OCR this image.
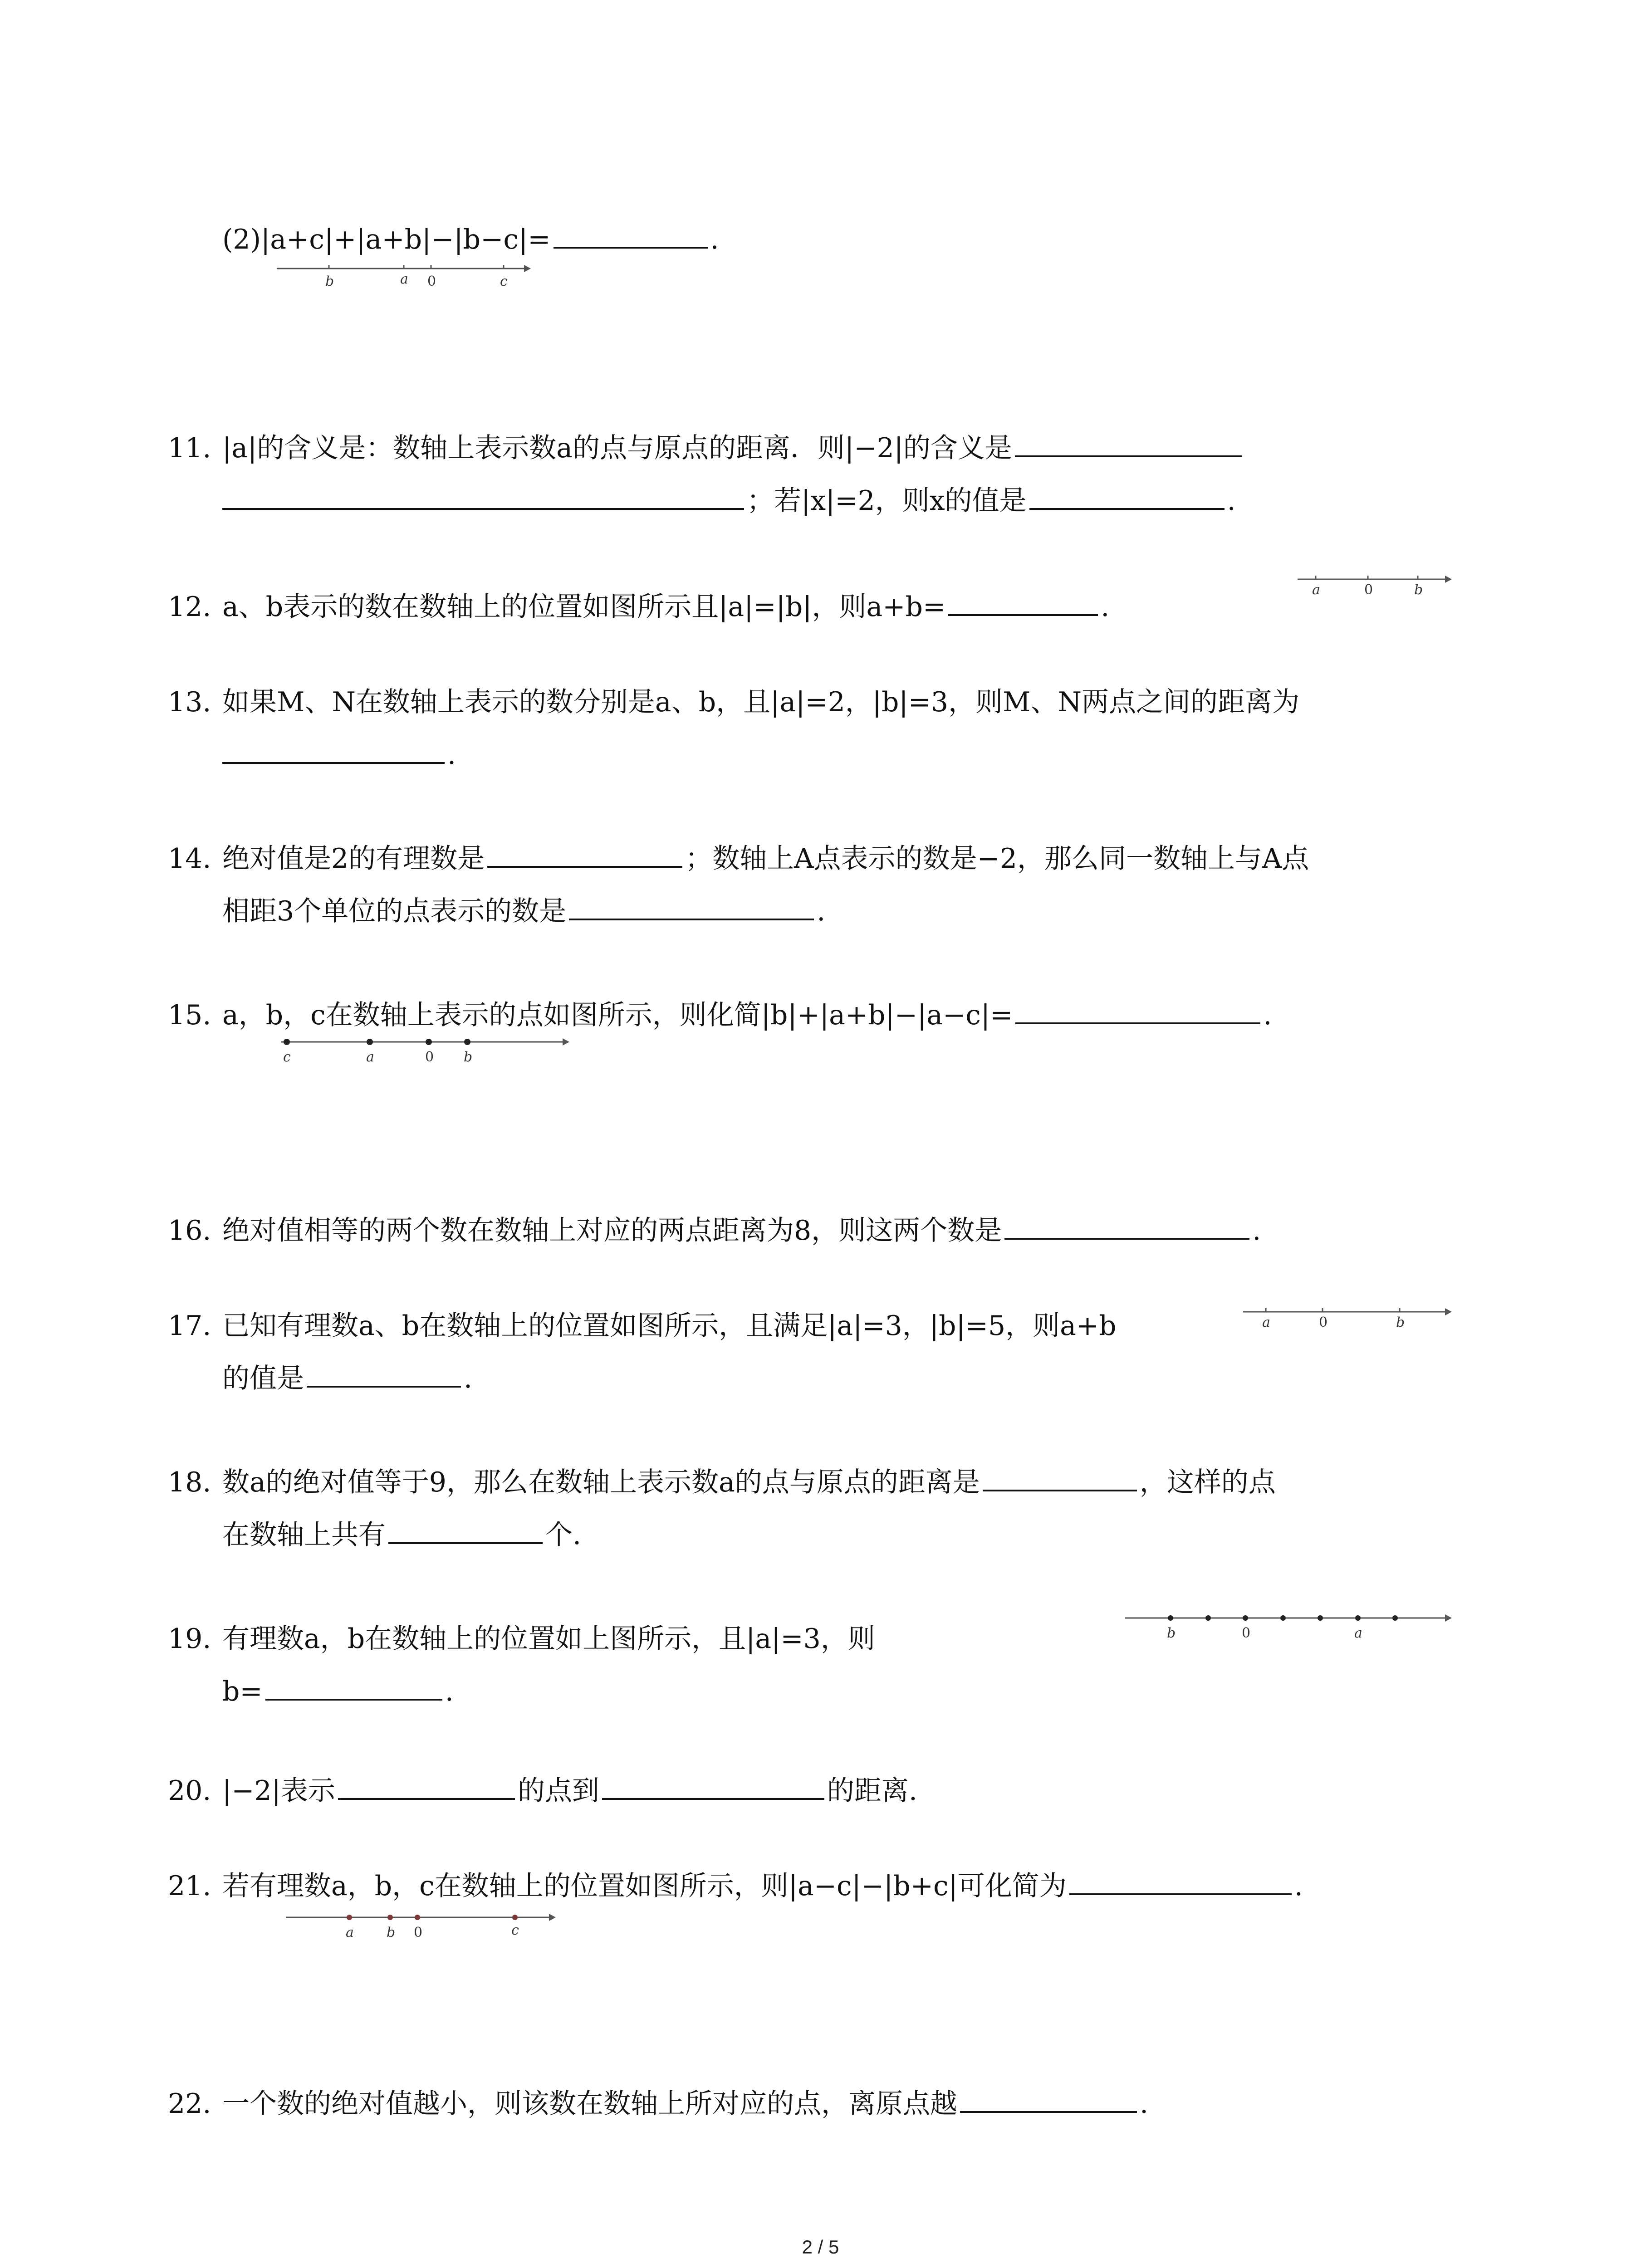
(2)|a+c|+|a+b|−|b−c|=	.
b	a 0	c
11. |a|的含义是：数轴上表示数a的点与原点的距离．则|−2|的含义是
；若|x|=2，则x的值是	.
12. a、b表示的数在数轴上的位置如图所示且|a|=|b|，则a+b=	.
a	0	b
13. 如果M、N在数轴上表示的数分别是a、b，且|a|=2，|b|=3，则M、N两点之间的距离为
.
14. 绝对值是2的有理数是	；数轴上A点表示的数是−2，那么同一数轴上与A点
相距3个单位的点表示的数是	.
15. a，b，c在数轴上表示的点如图所示，则化简|b|+|a+b|−|a−c|=	.
c	a	0 b
16. 绝对值相等的两个数在数轴上对应的两点距离为8，则这两个数是	.
17. 已知有理数a、b在数轴上的位置如图所示，且满足|a|=3，|b|=5，则a+b
的值是	.
a	0	b
18. 数a的绝对值等于9，那么在数轴上表示数a的点与原点的距离是	，这样的点
在数轴上共有	个.
19. 有理数a，b在数轴上的位置如上图所示，且|a|=3，则
b=	.
b	0	a
20. |−2|表示	的点到	的距离.
21. 若有理数a，b，c在数轴上的位置如图所示，则|a−c|−|b+c|可化简为	.
a b 0	c
22. 一个数的绝对值越小，则该数在数轴上所对应的点，离原点越	.
2 / 5
